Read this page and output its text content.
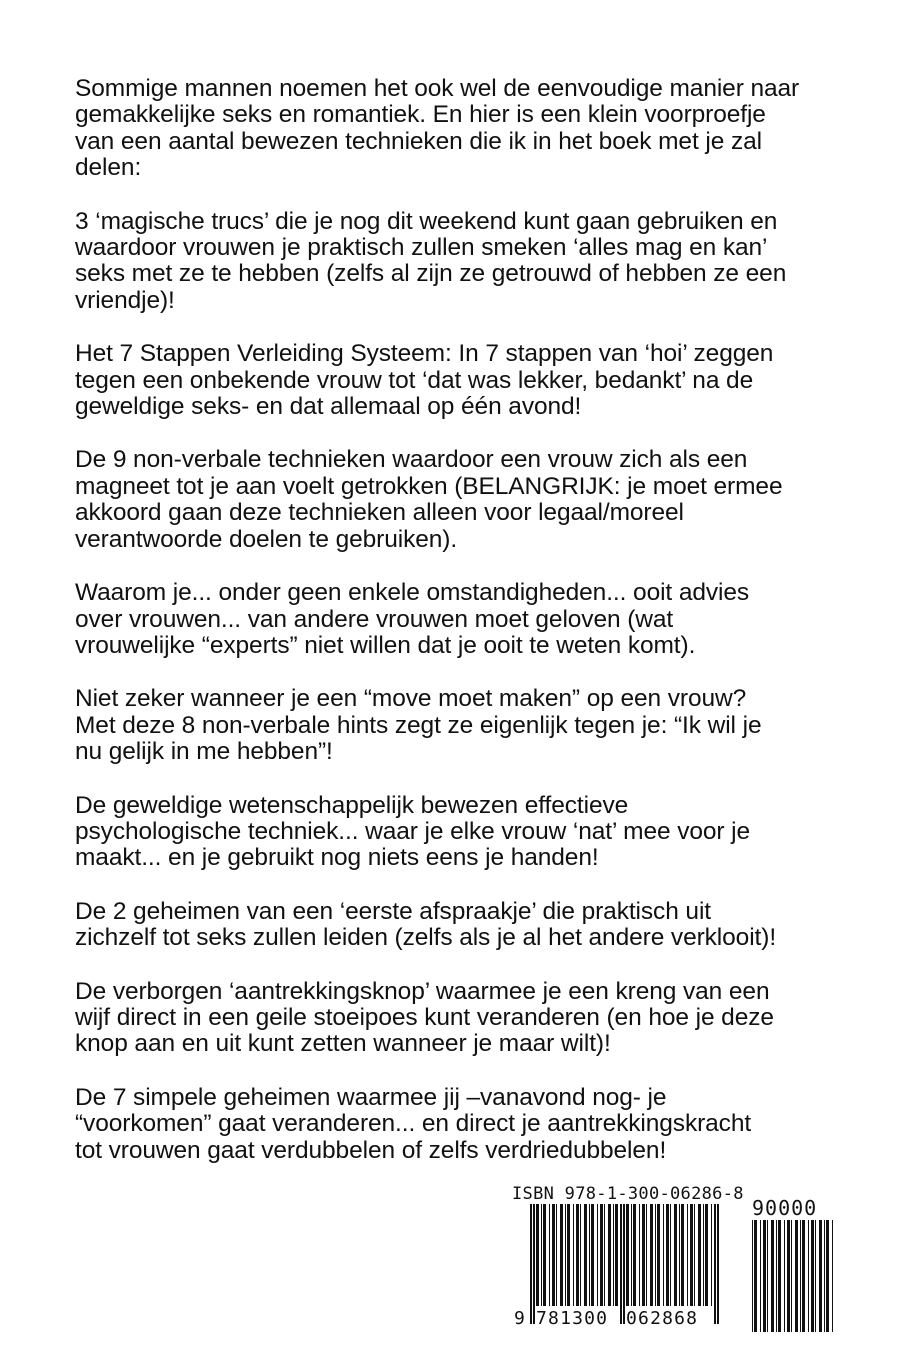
Sommige mannen noemen het ook wel de eenvoudige manier naar
gemakkelijke seks en romantiek. En hier is een klein voorproefje
van een aantal bewezen technieken die ik in het boek met je zal
delen:
3 ‘magische trucs’ die je nog dit weekend kunt gaan gebruiken en
waardoor vrouwen je praktisch zullen smeken ‘alles mag en kan’
seks met ze te hebben (zelfs al zijn ze getrouwd of hebben ze een
vriendje)!
Het 7 Stappen Verleiding Systeem: In 7 stappen van ‘hoi’ zeggen
tegen een onbekende vrouw tot ‘dat was lekker, bedankt’ na de
geweldige seks- en dat allemaal op één avond!
De 9 non-verbale technieken waardoor een vrouw zich als een
magneet tot je aan voelt getrokken (BELANGRIJK: je moet ermee
akkoord gaan deze technieken alleen voor legaal/moreel
verantwoorde doelen te gebruiken).
Waarom je... onder geen enkele omstandigheden... ooit advies
over vrouwen... van andere vrouwen moet geloven (wat
vrouwelijke “experts” niet willen dat je ooit te weten komt).
Niet zeker wanneer je een “move moet maken” op een vrouw?
Met deze 8 non-verbale hints zegt ze eigenlijk tegen je: “Ik wil je
nu gelijk in me hebben”!
De geweldige wetenschappelijk bewezen effectieve
psychologische techniek... waar je elke vrouw ‘nat’ mee voor je
maakt... en je gebruikt nog niets eens je handen!
De 2 geheimen van een ‘eerste afspraakje’ die praktisch uit
zichzelf tot seks zullen leiden (zelfs als je al het andere verklooit)!
De verborgen ‘aantrekkingsknop’ waarmee je een kreng van een
wijf direct in een geile stoeipoes kunt veranderen (en hoe je deze
knop aan en uit kunt zetten wanneer je maar wilt)!
De 7 simpele geheimen waarmee jij –vanavond nog- je
“voorkomen” gaat veranderen... en direct je aantrekkingskracht
tot vrouwen gaat verdubbelen of zelfs verdriedubbelen!
ISBN 978-1-300-06286-8
90000
9 781300 062868
